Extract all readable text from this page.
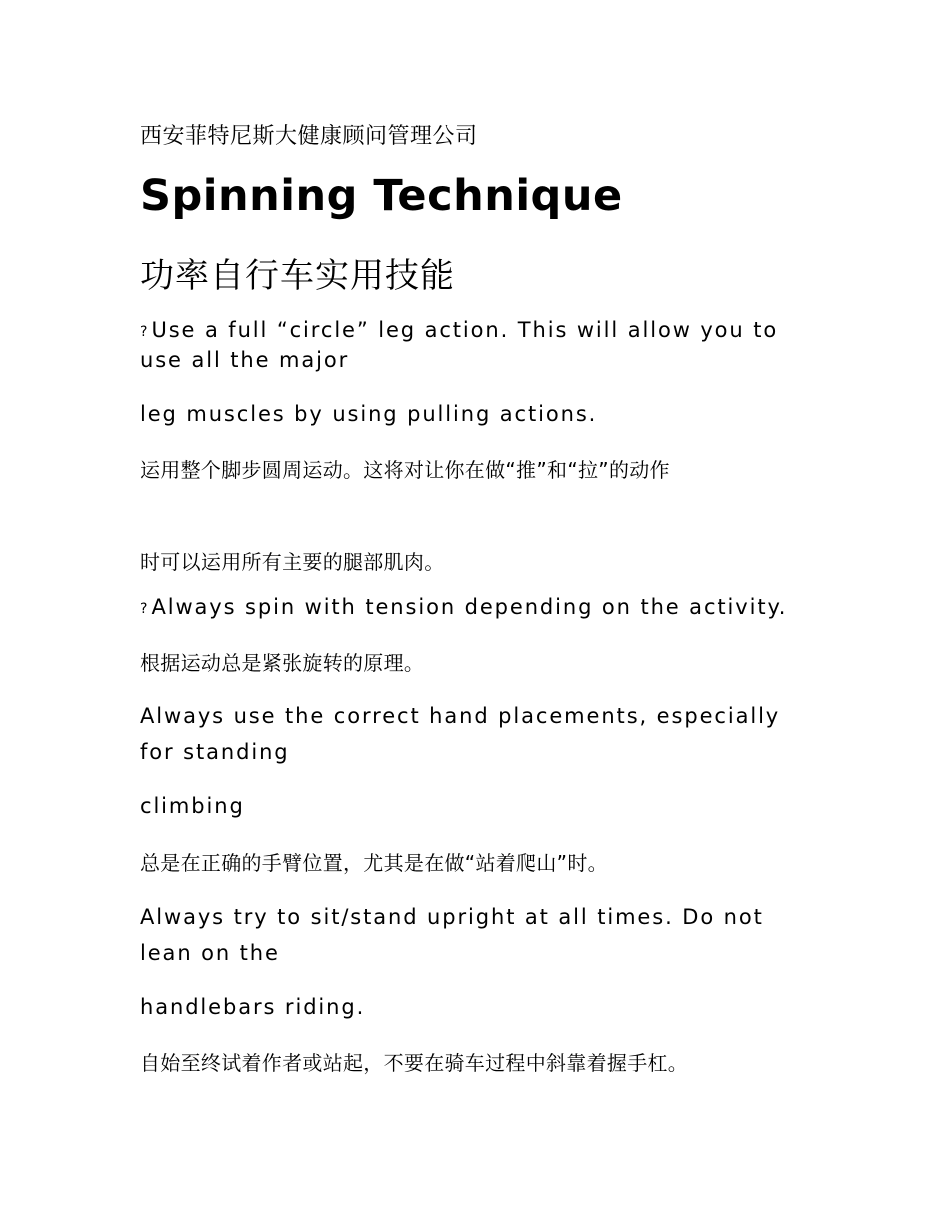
西安菲特尼斯大健康顾问管理公司
Spinning Technique
功率自行车实用技能

? Use a full “circle” leg action. This will allow you to use all the major

leg muscles by using pulling actions.

运用整个脚步圆周运动。这将对让你在做“推”和“拉”的动作

时可以运用所有主要的腿部肌肉。

? Always spin with tension depending on the activity.

根据运动总是紧张旋转的原理。

Always use the correct hand placements, especially for standing

climbing

总是在正确的手臂位置，尤其是在做“站着爬山”时。

Always try to sit/stand upright at all times. Do not lean on the

handlebars riding.

自始至终试着作者或站起，不要在骑车过程中斜靠着握手杠。
